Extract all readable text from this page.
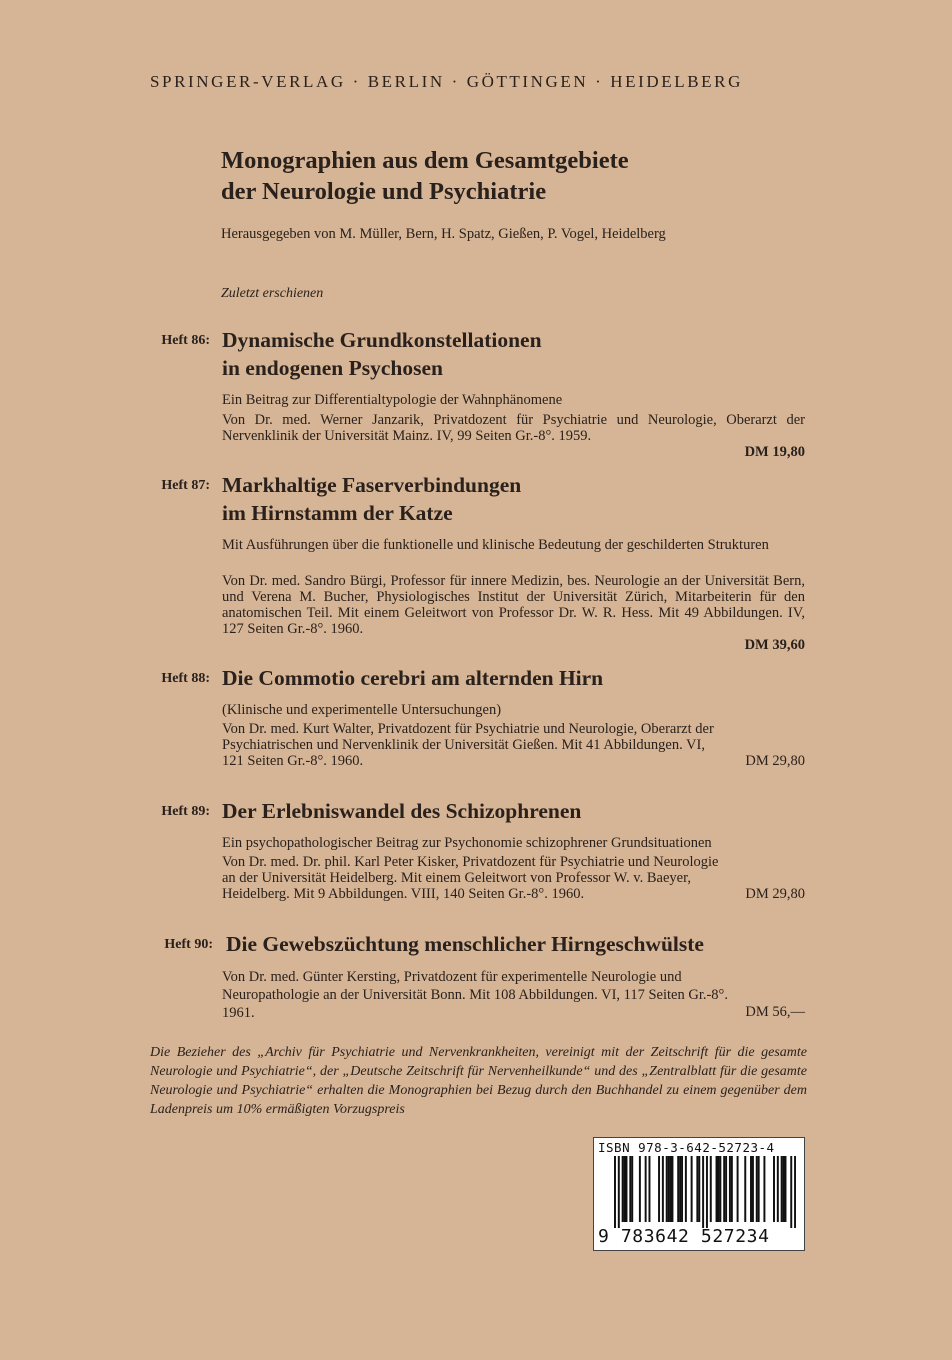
SPRINGER-VERLAG · BERLIN · GÖTTINGEN · HEIDELBERG
Monographien aus dem Gesamtgebiete
der Neurologie und Psychiatrie
Herausgegeben von M. Müller, Bern, H. Spatz, Gießen, P. Vogel, Heidelberg
Zuletzt erschienen
Heft 86: Dynamische Grundkonstellationen
in endogenen Psychosen
Ein Beitrag zur Differentialtypologie der Wahnphänomene
Von Dr. med. Werner Janzarik, Privatdozent für Psychiatrie und Neurologie, Oberarzt der Nervenklinik der Universität Mainz. IV, 99 Seiten Gr.-8°. 1959.
DM 19,80
Heft 87: Markhaltige Faserverbindungen
im Hirnstamm der Katze
Mit Ausführungen über die funktionelle und klinische Bedeutung der geschilderten Strukturen
Von Dr. med. Sandro Bürgi, Professor für innere Medizin, bes. Neurologie an der Universität Bern, und Verena M. Bucher, Physiologisches Institut der Universität Zürich, Mitarbeiterin für den anatomischen Teil. Mit einem Geleitwort von Professor Dr. W. R. Hess. Mit 49 Abbildungen. IV, 127 Seiten Gr.-8°. 1960.
DM 39,60
Heft 88: Die Commotio cerebri am alternden Hirn
(Klinische und experimentelle Untersuchungen)
Von Dr. med. Kurt Walter, Privatdozent für Psychiatrie und Neurologie, Oberarzt der Psychiatrischen und Nervenklinik der Universität Gießen. Mit 41 Abbildungen. VI, 121 Seiten Gr.-8°. 1960.	DM 29,80
Heft 89: Der Erlebniswandel des Schizophrenen
Ein psychopathologischer Beitrag zur Psychonomie schizophrener Grundsituationen
Von Dr. med. Dr. phil. Karl Peter Kisker, Privatdozent für Psychiatrie und Neurologie an der Universität Heidelberg. Mit einem Geleitwort von Professor W. v. Baeyer, Heidelberg. Mit 9 Abbildungen. VIII, 140 Seiten Gr.-8°. 1960.	DM 29,80
Heft 90: Die Gewebszüchtung menschlicher Hirngeschwülste
Von Dr. med. Günter Kersting, Privatdozent für experimentelle Neurologie und Neuropathologie an der Universität Bonn. Mit 108 Abbildungen. VI, 117 Seiten Gr.-8°. 1961.	DM 56,—
Die Bezieher des „Archiv für Psychiatrie und Nervenkrankheiten, vereinigt mit der Zeitschrift für die gesamte Neurologie und Psychiatrie“, der „Deutsche Zeitschrift für Nervenheilkunde“ und des „Zentralblatt für die gesamte Neurologie und Psychiatrie“ erhalten die Monographien bei Bezug durch den Buchhandel zu einem gegenüber dem Ladenpreis um 10% ermäßigten Vorzugspreis
ISBN 978-3-642-52723-4
9 783642 527234
